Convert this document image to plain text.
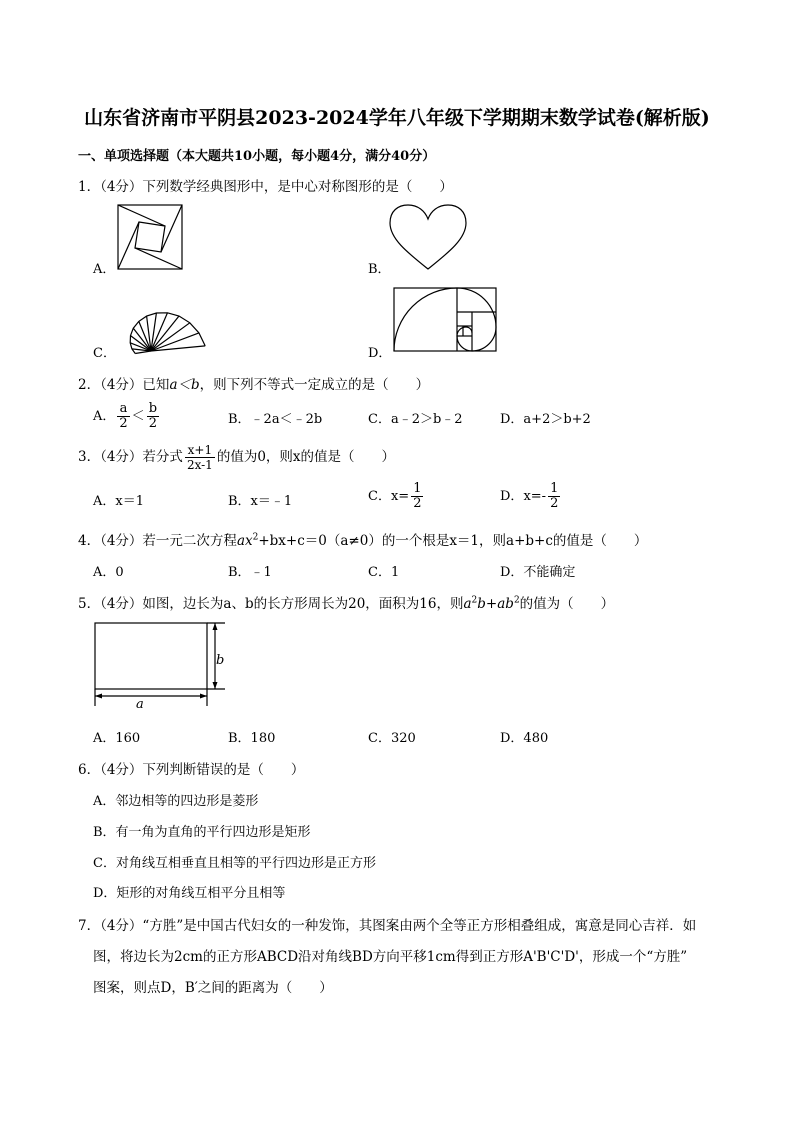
山东省济南市平阴县2023-2024学年八年级下学期期末数学试卷(解析版)
一、单项选择题（本大题共10小题，每小题4分，满分40分）
1．（4分）下列数学经典图形中，是中心对称图形的是（　　）
A．	B．
C．	D．
2．（4分）已知a＜b，则下列不等式一定成立的是（　　）
A． $\frac{a}{2} < \frac{b}{2}$	B．﹣2a＜﹣2b	C．a﹣2＞b﹣2	D．a+2＞b+2
3．（4分）若分式 $\frac{x+1}{2x-1}$ 的值为0，则x的值是（　　）
A．x＝1	B．x＝﹣1	C．$x= \frac{1}{2}$	D．$x=- \frac{1}{2}$
4．（4分）若一元二次方程$ax^2+bx+c=0(a\ne 0)$的一个根是x＝1，则a+b+c的值是（　　）
A．0	B．﹣1	C．1	D．不能确定
5．（4分）如图，边长为a、b的长方形周长为20，面积为16，则$a^2b+ab^2$的值为（　　）
a
b
A．160	B．180	C．320	D．480
6．（4分）下列判断错误的是（　　）
A．邻边相等的四边形是菱形
B．有一角为直角的平行四边形是矩形
C．对角线互相垂直且相等的平行四边形是正方形
D．矩形的对角线互相平分且相等
7．（4分）“方胜”是中国古代妇女的一种发饰，其图案由两个全等正方形相叠组成，寓意是同心吉祥．如
图，将边长为2cm的正方形ABCD沿对角线BD方向平移1cm得到正方形A'B'C'D'，形成一个“方胜”
图案，则点D，B′之间的距离为（　　）
